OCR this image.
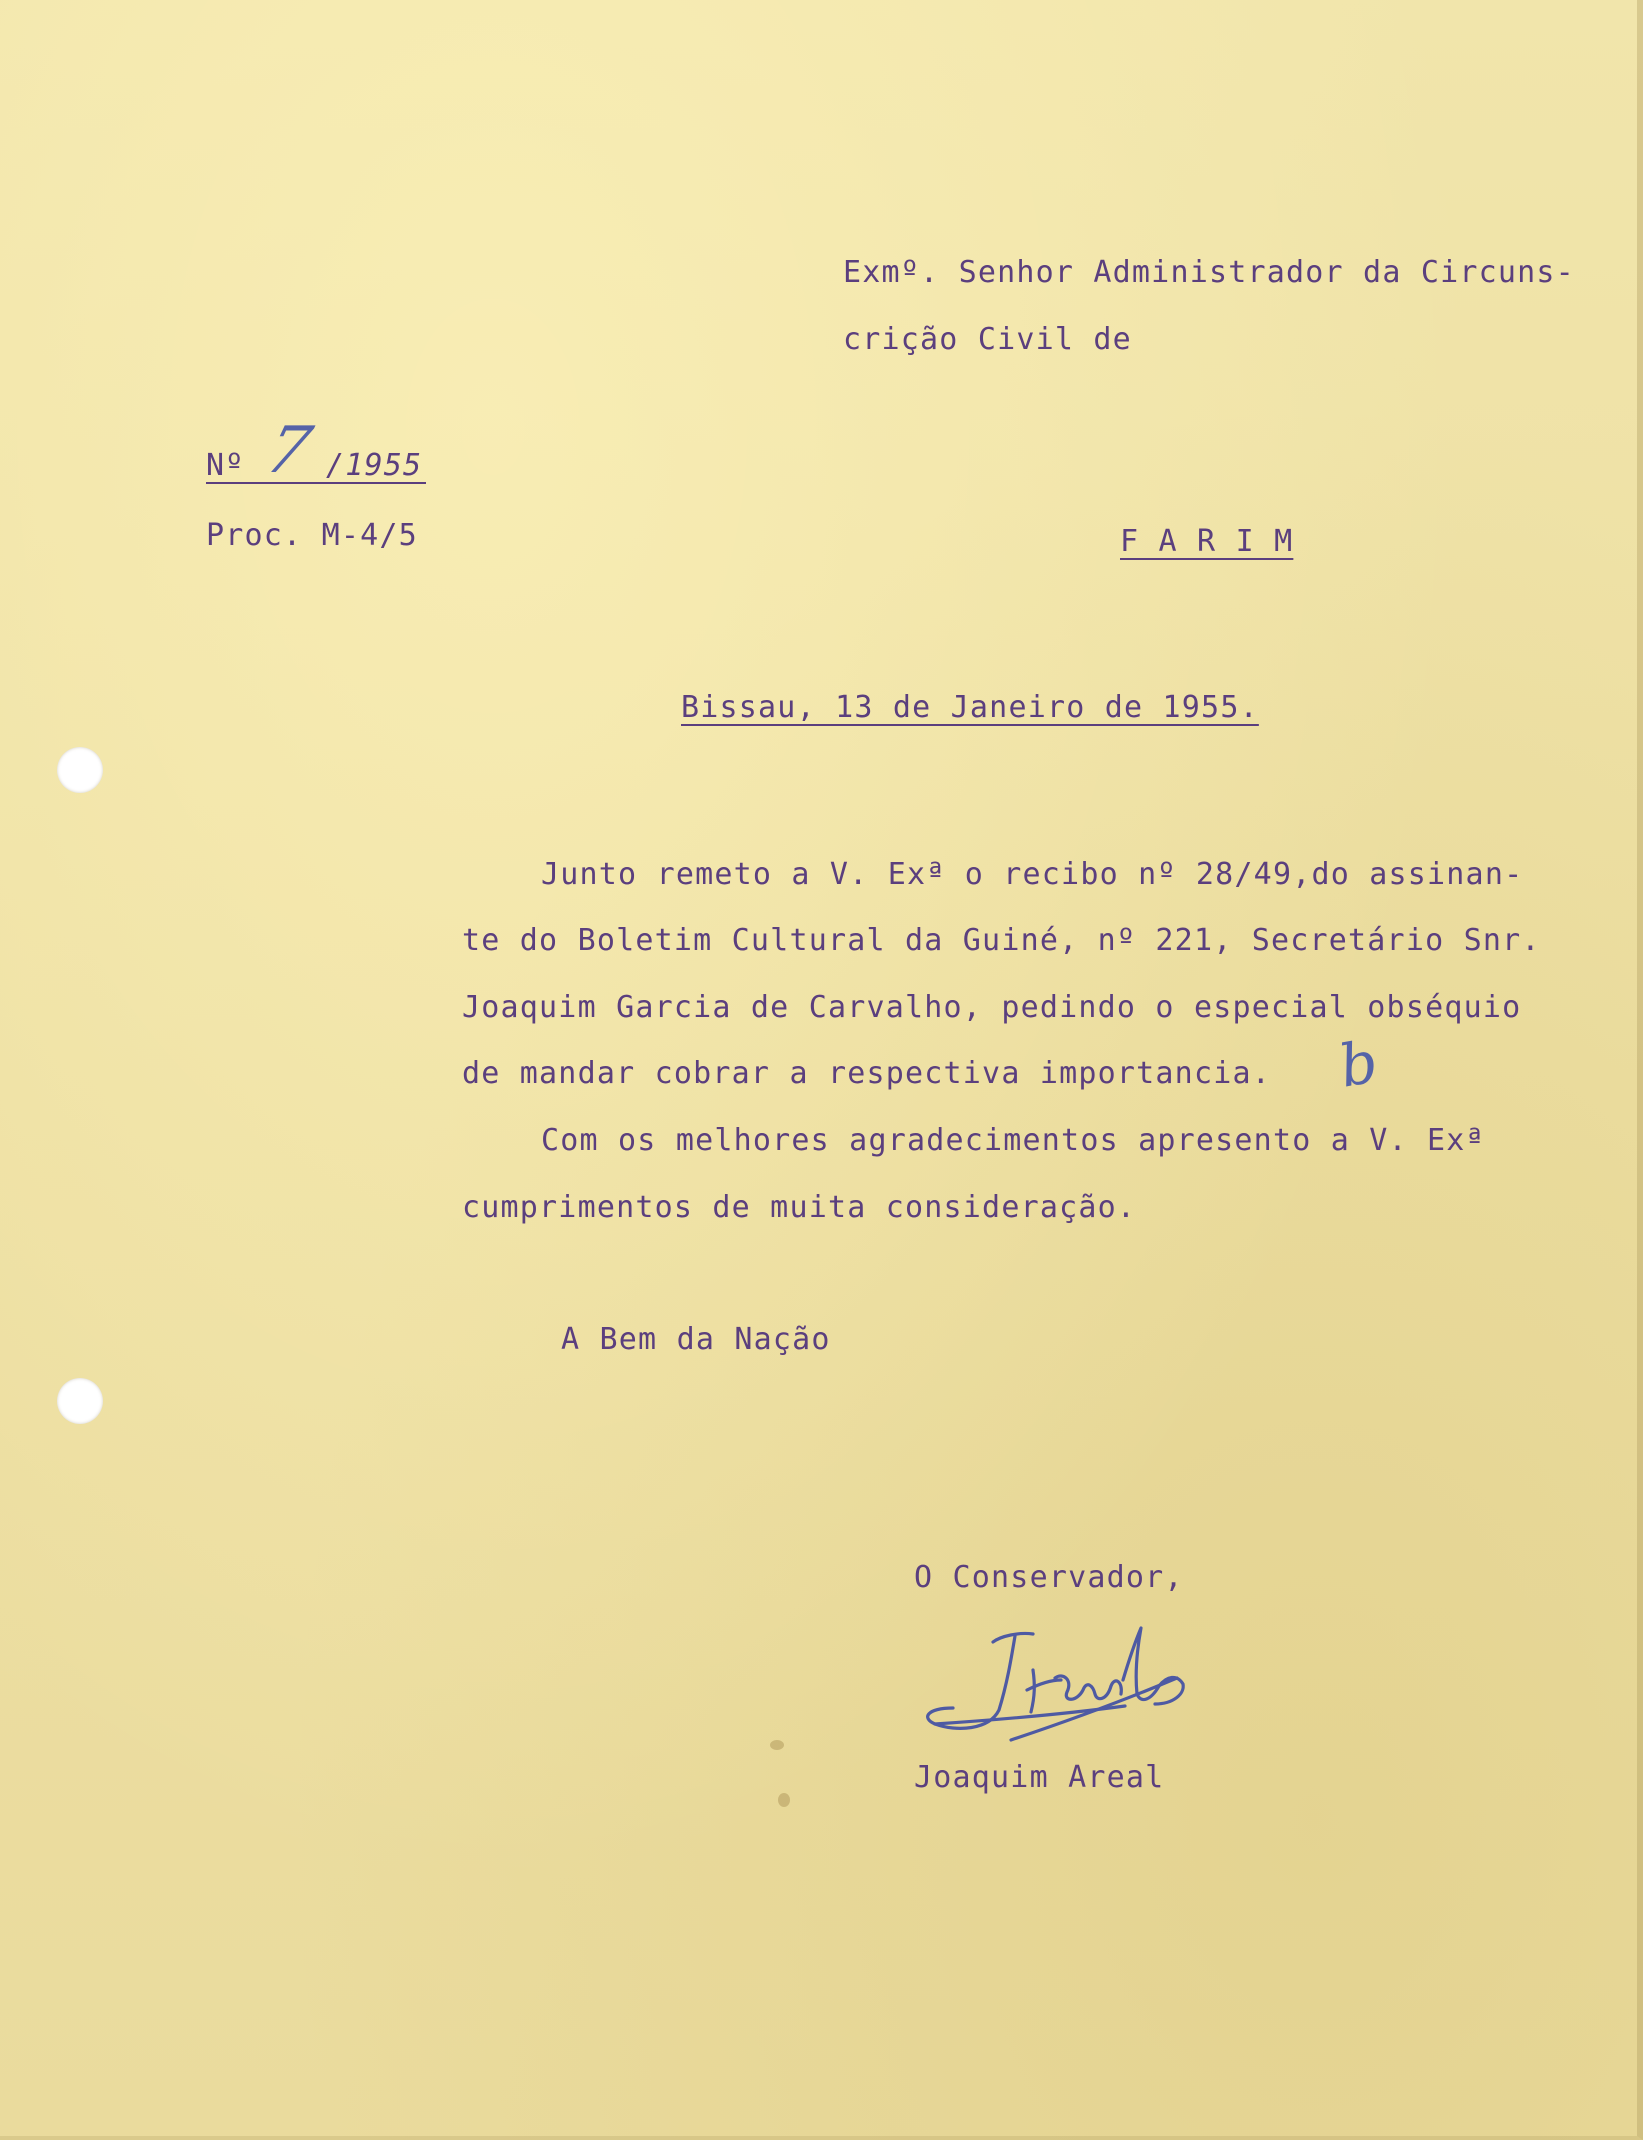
Exmº. Senhor Administrador da Circuns-
crição Civil de
Nº 7 /1955
Proc. M-4/5	F A R I M
Bissau, 13 de Janeiro de 1955.
Junto remeto a V. Exª o recibo nº 28/49,do assinan-
te do Boletim Cultural da Guiné, nº 221, Secretário Snr.
Joaquim Garcia de Carvalho, pedindo o especial obséquio
de mandar cobrar a respectiva importancia. b
Com os melhores agradecimentos apresento a V. Exª
cumprimentos de muita consideração.
A Bem da Nação
O Conservador,
Joaquim Areal
